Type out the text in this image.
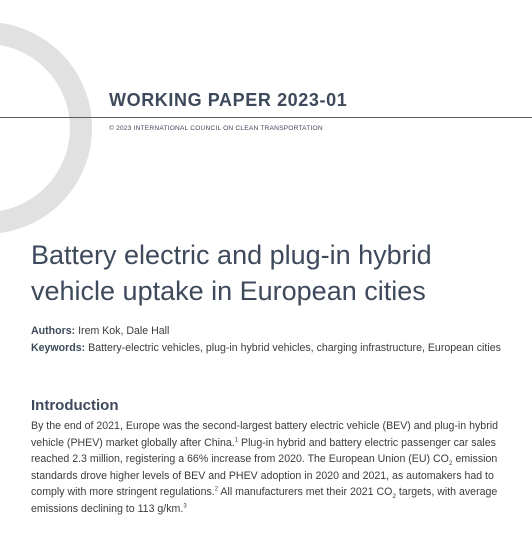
WORKING PAPER 2023-01
© 2023 INTERNATIONAL COUNCIL ON CLEAN TRANSPORTATION
Battery electric and plug-in hybrid vehicle uptake in European cities
Authors: Irem Kok, Dale Hall
Keywords: Battery-electric vehicles, plug-in hybrid vehicles, charging infrastructure, European cities
Introduction
By the end of 2021, Europe was the second-largest battery electric vehicle (BEV) and plug-in hybrid vehicle (PHEV) market globally after China.$^1$ Plug-in hybrid and battery electric passenger car sales reached 2.3 million, registering a 66% increase from 2020. The European Union (EU) $CO_2$ emission standards drove higher levels of BEV and PHEV adoption in 2020 and 2021, as automakers had to comply with more stringent regulations.$^2$ All manufacturers met their 2021 $CO_2$ targets, with average emissions declining to 113 g/km.$^3$
